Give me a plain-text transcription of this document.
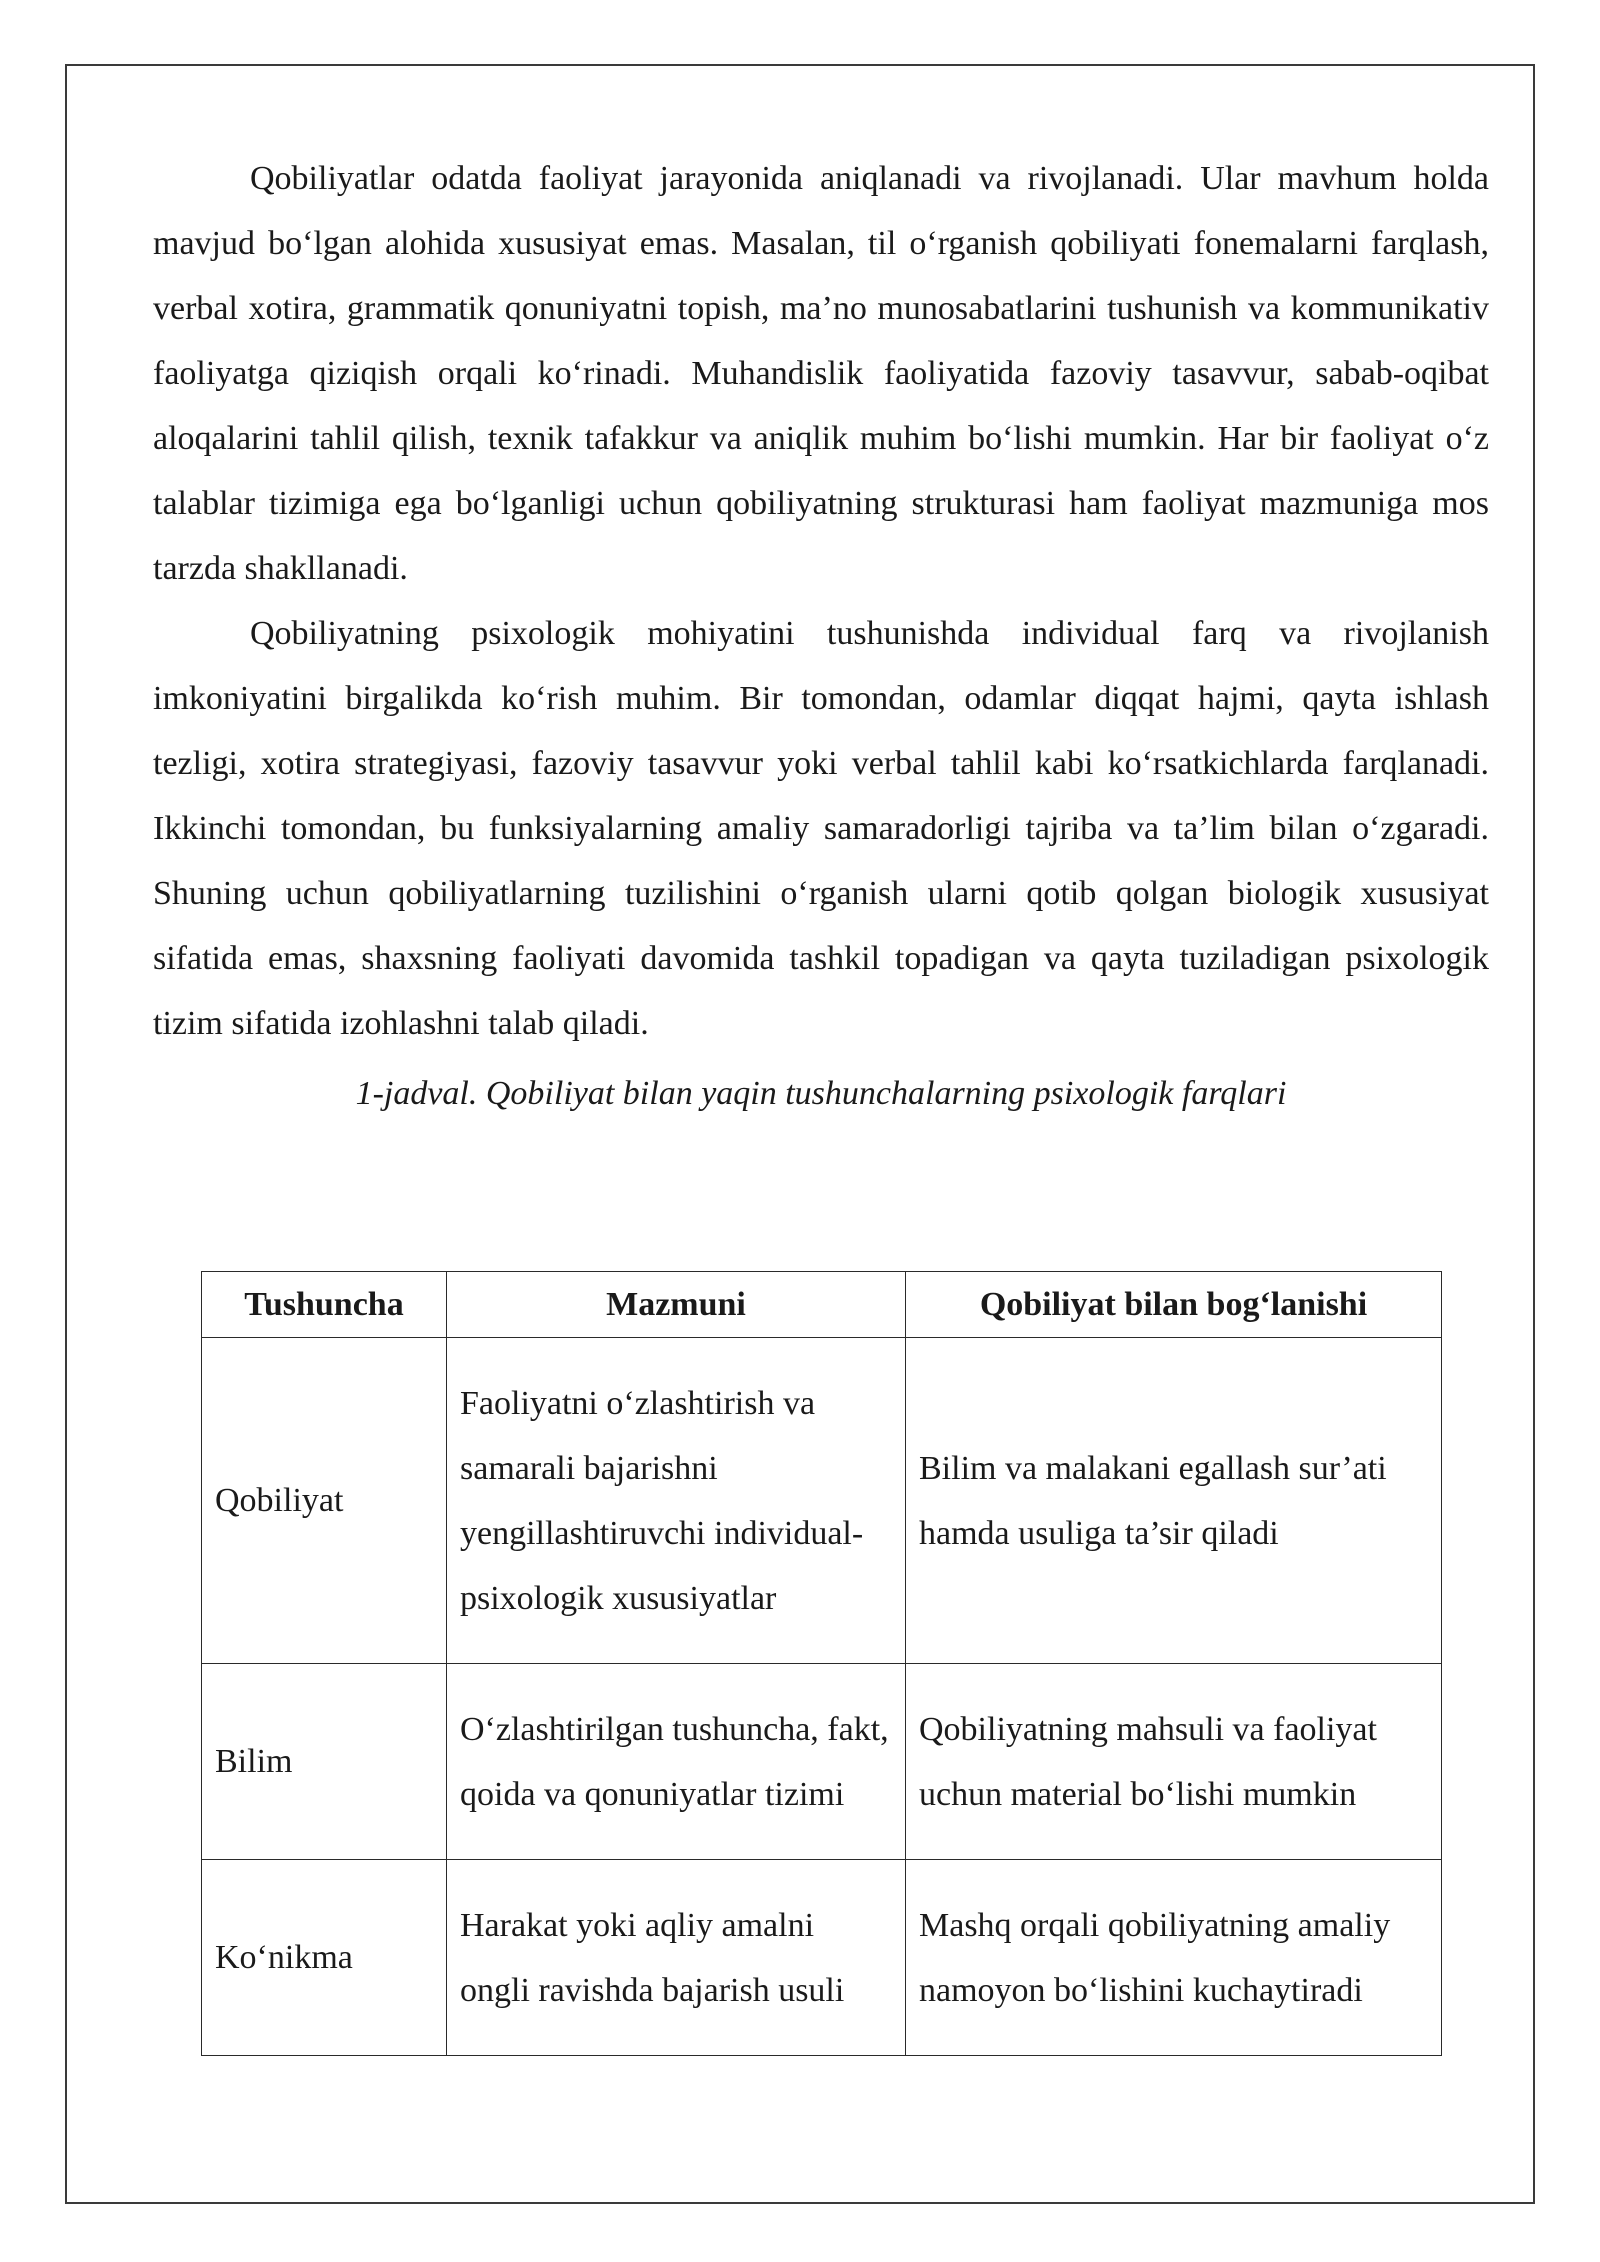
Qobiliyatlar odatda faoliyat jarayonida aniqlanadi va rivojlanadi. Ular mavhum holda mavjud bo‘lgan alohida xususiyat emas. Masalan, til o‘rganish qobiliyati fonemalarni farqlash, verbal xotira, grammatik qonuniyatni topish, ma’no munosabatlarini tushunish va kommunikativ faoliyatga qiziqish orqali ko‘rinadi. Muhandislik faoliyatida fazoviy tasavvur, sabab-oqibat aloqalarini tahlil qilish, texnik tafakkur va aniqlik muhim bo‘lishi mumkin. Har bir faoliyat o‘z talablar tizimiga ega bo‘lganligi uchun qobiliyatning strukturasi ham faoliyat mazmuniga mos tarzda shakllanadi.

Qobiliyatning psixologik mohiyatini tushunishda individual farq va rivojlanish imkoniyatini birgalikda ko‘rish muhim. Bir tomondan, odamlar diqqat hajmi, qayta ishlash tezligi, xotira strategiyasi, fazoviy tasavvur yoki verbal tahlil kabi ko‘rsatkichlarda farqlanadi. Ikkinchi tomondan, bu funksiyalarning amaliy samaradorligi tajriba va ta’lim bilan o‘zgaradi. Shuning uchun qobiliyatlarning tuzilishini o‘rganish ularni qotib qolgan biologik xususiyat sifatida emas, shaxsning faoliyati davomida tashkil topadigan va qayta tuziladigan psixologik tizim sifatida izohlashni talab qiladi.

1-jadval. Qobiliyat bilan yaqin tushunchalarning psixologik farqlari

Tushuncha	Mazmuni	Qobiliyat bilan bog‘lanishi
Qobiliyat	Faoliyatni o‘zlashtirish va samarali bajarishni yengillashtiruvchi individual-psixologik xususiyatlar	Bilim va malakani egallash sur’ati hamda usuliga ta’sir qiladi
Bilim	O‘zlashtirilgan tushuncha, fakt, qoida va qonuniyatlar tizimi	Qobiliyatning mahsuli va faoliyat uchun material bo‘lishi mumkin
Ko‘nikma	Harakat yoki aqliy amalni ongli ravishda bajarish usuli	Mashq orqali qobiliyatning amaliy namoyon bo‘lishini kuchaytiradi
